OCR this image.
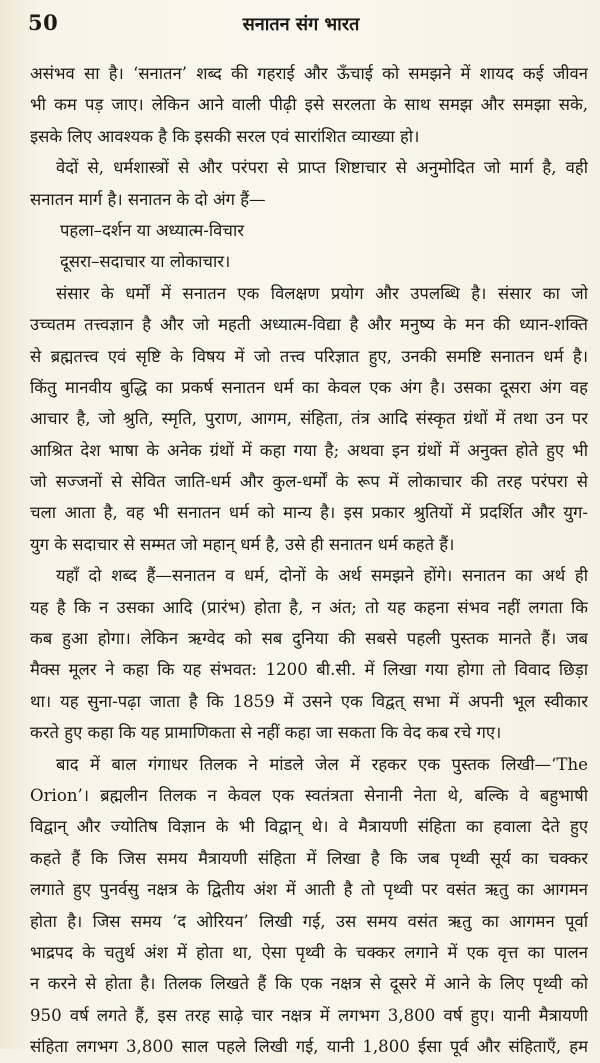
50	सनातन संग भारत
असंभव सा है। ‘सनातन’ शब्द की गहराई और ऊँचाई को समझने में शायद कई जीवन
भी कम पड़ जाए। लेकिन आने वाली पीढ़ी इसे सरलता के साथ समझ और समझा सके,
इसके लिए आवश्यक है कि इसकी सरल एवं सारांशित व्याख्या हो।
वेदों से, धर्मशास्त्रों से और परंपरा से प्राप्त शिष्टाचार से अनुमोदित जो मार्ग है, वही
सनातन मार्ग है। सनातन के दो अंग हैं—
पहला–दर्शन या अध्यात्म-विचार
दूसरा–सदाचार या लोकाचार।
संसार के धर्मों में सनातन एक विलक्षण प्रयोग और उपलब्धि है। संसार का जो
उच्चतम तत्त्वज्ञान है और जो महती अध्यात्म-विद्या है और मनुष्य के मन की ध्यान-शक्ति
से ब्रह्मतत्त्व एवं सृष्टि के विषय में जो तत्त्व परिज्ञात हुए, उनकी समष्टि सनातन धर्म है।
किंतु मानवीय बुद्धि का प्रकर्ष सनातन धर्म का केवल एक अंग है। उसका दूसरा अंग वह
आचार है, जो श्रुति, स्मृति, पुराण, आगम, संहिता, तंत्र आदि संस्कृत ग्रंथों में तथा उन पर
आश्रित देश भाषा के अनेक ग्रंथों में कहा गया है; अथवा इन ग्रंथों में अनुक्त होते हुए भी
जो सज्जनों से सेवित जाति-धर्म और कुल-धर्मों के रूप में लोकाचार की तरह परंपरा से
चला आता है, वह भी सनातन धर्म को मान्य है। इस प्रकार श्रुतियों में प्रदर्शित और युग-
युग के सदाचार से सम्मत जो महान् धर्म है, उसे ही सनातन धर्म कहते हैं।
यहाँ दो शब्द हैं—सनातन व धर्म, दोनों के अर्थ समझने होंगे। सनातन का अर्थ ही
यह है कि न उसका आदि (प्रारंभ) होता है, न अंत; तो यह कहना संभव नहीं लगता कि
कब हुआ होगा। लेकिन ऋग्वेद को सब दुनिया की सबसे पहली पुस्तक मानते हैं। जब
मैक्स मूलर ने कहा कि यह संभवत: 1200 बी.सी. में लिखा गया होगा तो विवाद छिड़ा
था। यह सुना-पढ़ा जाता है कि 1859 में उसने एक विद्वत् सभा में अपनी भूल स्वीकार
करते हुए कहा कि यह प्रामाणिकता से नहीं कहा जा सकता कि वेद कब रचे गए।
बाद में बाल गंगाधर तिलक ने मांडले जेल में रहकर एक पुस्तक लिखी—‘The
Orion’। ब्रह्मलीन तिलक न केवल एक स्वतंत्रता सेनानी नेता थे, बल्कि वे बहुभाषी
विद्वान् और ज्योतिष विज्ञान के भी विद्वान् थे। वे मैत्रायणी संहिता का हवाला देते हुए
कहते हैं कि जिस समय मैत्रायणी संहिता में लिखा है कि जब पृथ्वी सूर्य का चक्कर
लगाते हुए पुनर्वसु नक्षत्र के द्वितीय अंश में आती है तो पृथ्वी पर वसंत ऋतु का आगमन
होता है। जिस समय ‘द ओरियन’ लिखी गई, उस समय वसंत ऋतु का आगमन पूर्वा
भाद्रपद के चतुर्थ अंश में होता था, ऐसा पृथ्वी के चक्कर लगाने में एक वृत्त का पालन
न करने से होता है। तिलक लिखते हैं कि एक नक्षत्र से दूसरे में आने के लिए पृथ्वी को
950 वर्ष लगते हैं, इस तरह साढ़े चार नक्षत्र में लगभग 3,800 वर्ष हुए। यानी मैत्रायणी
संहिता लगभग 3,800 साल पहले लिखी गई, यानी 1,800 ईसा पूर्व और संहिताएँ, हम
